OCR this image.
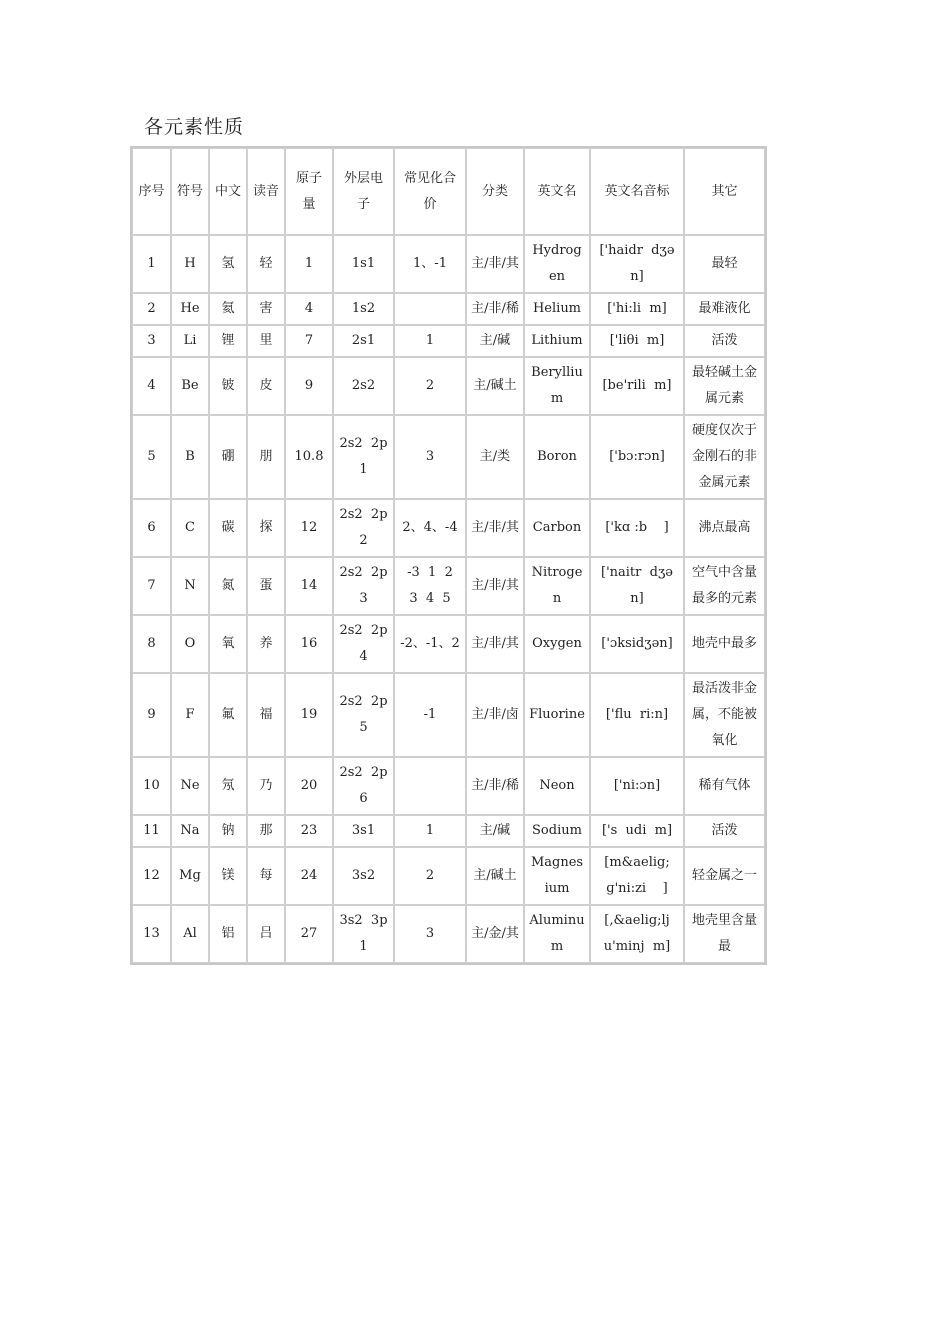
各元素性质
序号	符号	中文	读音	原子量	外层电子	常见化合价	分类	英文名	英文名音标	其它
1	H	氢	轻	1	1s1	1、-1	主/非/其	Hydrogen	['haidr  dʒə n]	最轻
2	He	氦	害	4	1s2		主/非/稀	Helium	['hi:li  m]	最难液化
3	Li	锂	里	7	2s1	1	主/碱	Lithium	['liθi  m]	活泼
4	Be	铍	皮	9	2s2	2	主/碱土	Beryllium	[be'rili  m]	最轻碱土金属元素
5	B	硼	朋	10.8	2s2  2p1	3	主/类	Boron	['bɔ:rɔn]	硬度仅次于金刚石的非金属元素
6	C	碳	探	12	2s2  2p2	2、4、-4	主/非/其	Carbon	['kɑ :b    ]	沸点最高
7	N	氮	蛋	14	2s2  2p3	-3  1  2  3  4  5	主/非/其	Nitrogen	['naitr  dʒə n]	空气中含量最多的元素
8	O	氧	养	16	2s2  2p4	-2、-1、2	主/非/其	Oxygen	['ɔksidʒən]	地壳中最多
9	F	氟	福	19	2s2  2p5	-1	主/非/卤	Fluorine	['flu  ri:n]	最活泼非金属，不能被氧化
10	Ne	氖	乃	20	2s2  2p6		主/非/稀	Neon	['ni:ɔn]	稀有气体
11	Na	钠	那	23	3s1	1	主/碱	Sodium	['s  udi  m]	活泼
12	Mg	镁	每	24	3s2	2	主/碱土	Magnesium	[m&aelig; ɡ'ni:zi    ]	轻金属之一
13	Al	铝	吕	27	3s2  3p1	3	主/金/其	Aluminum	[,&aelig;lju'minj  m]	地壳里含量最
